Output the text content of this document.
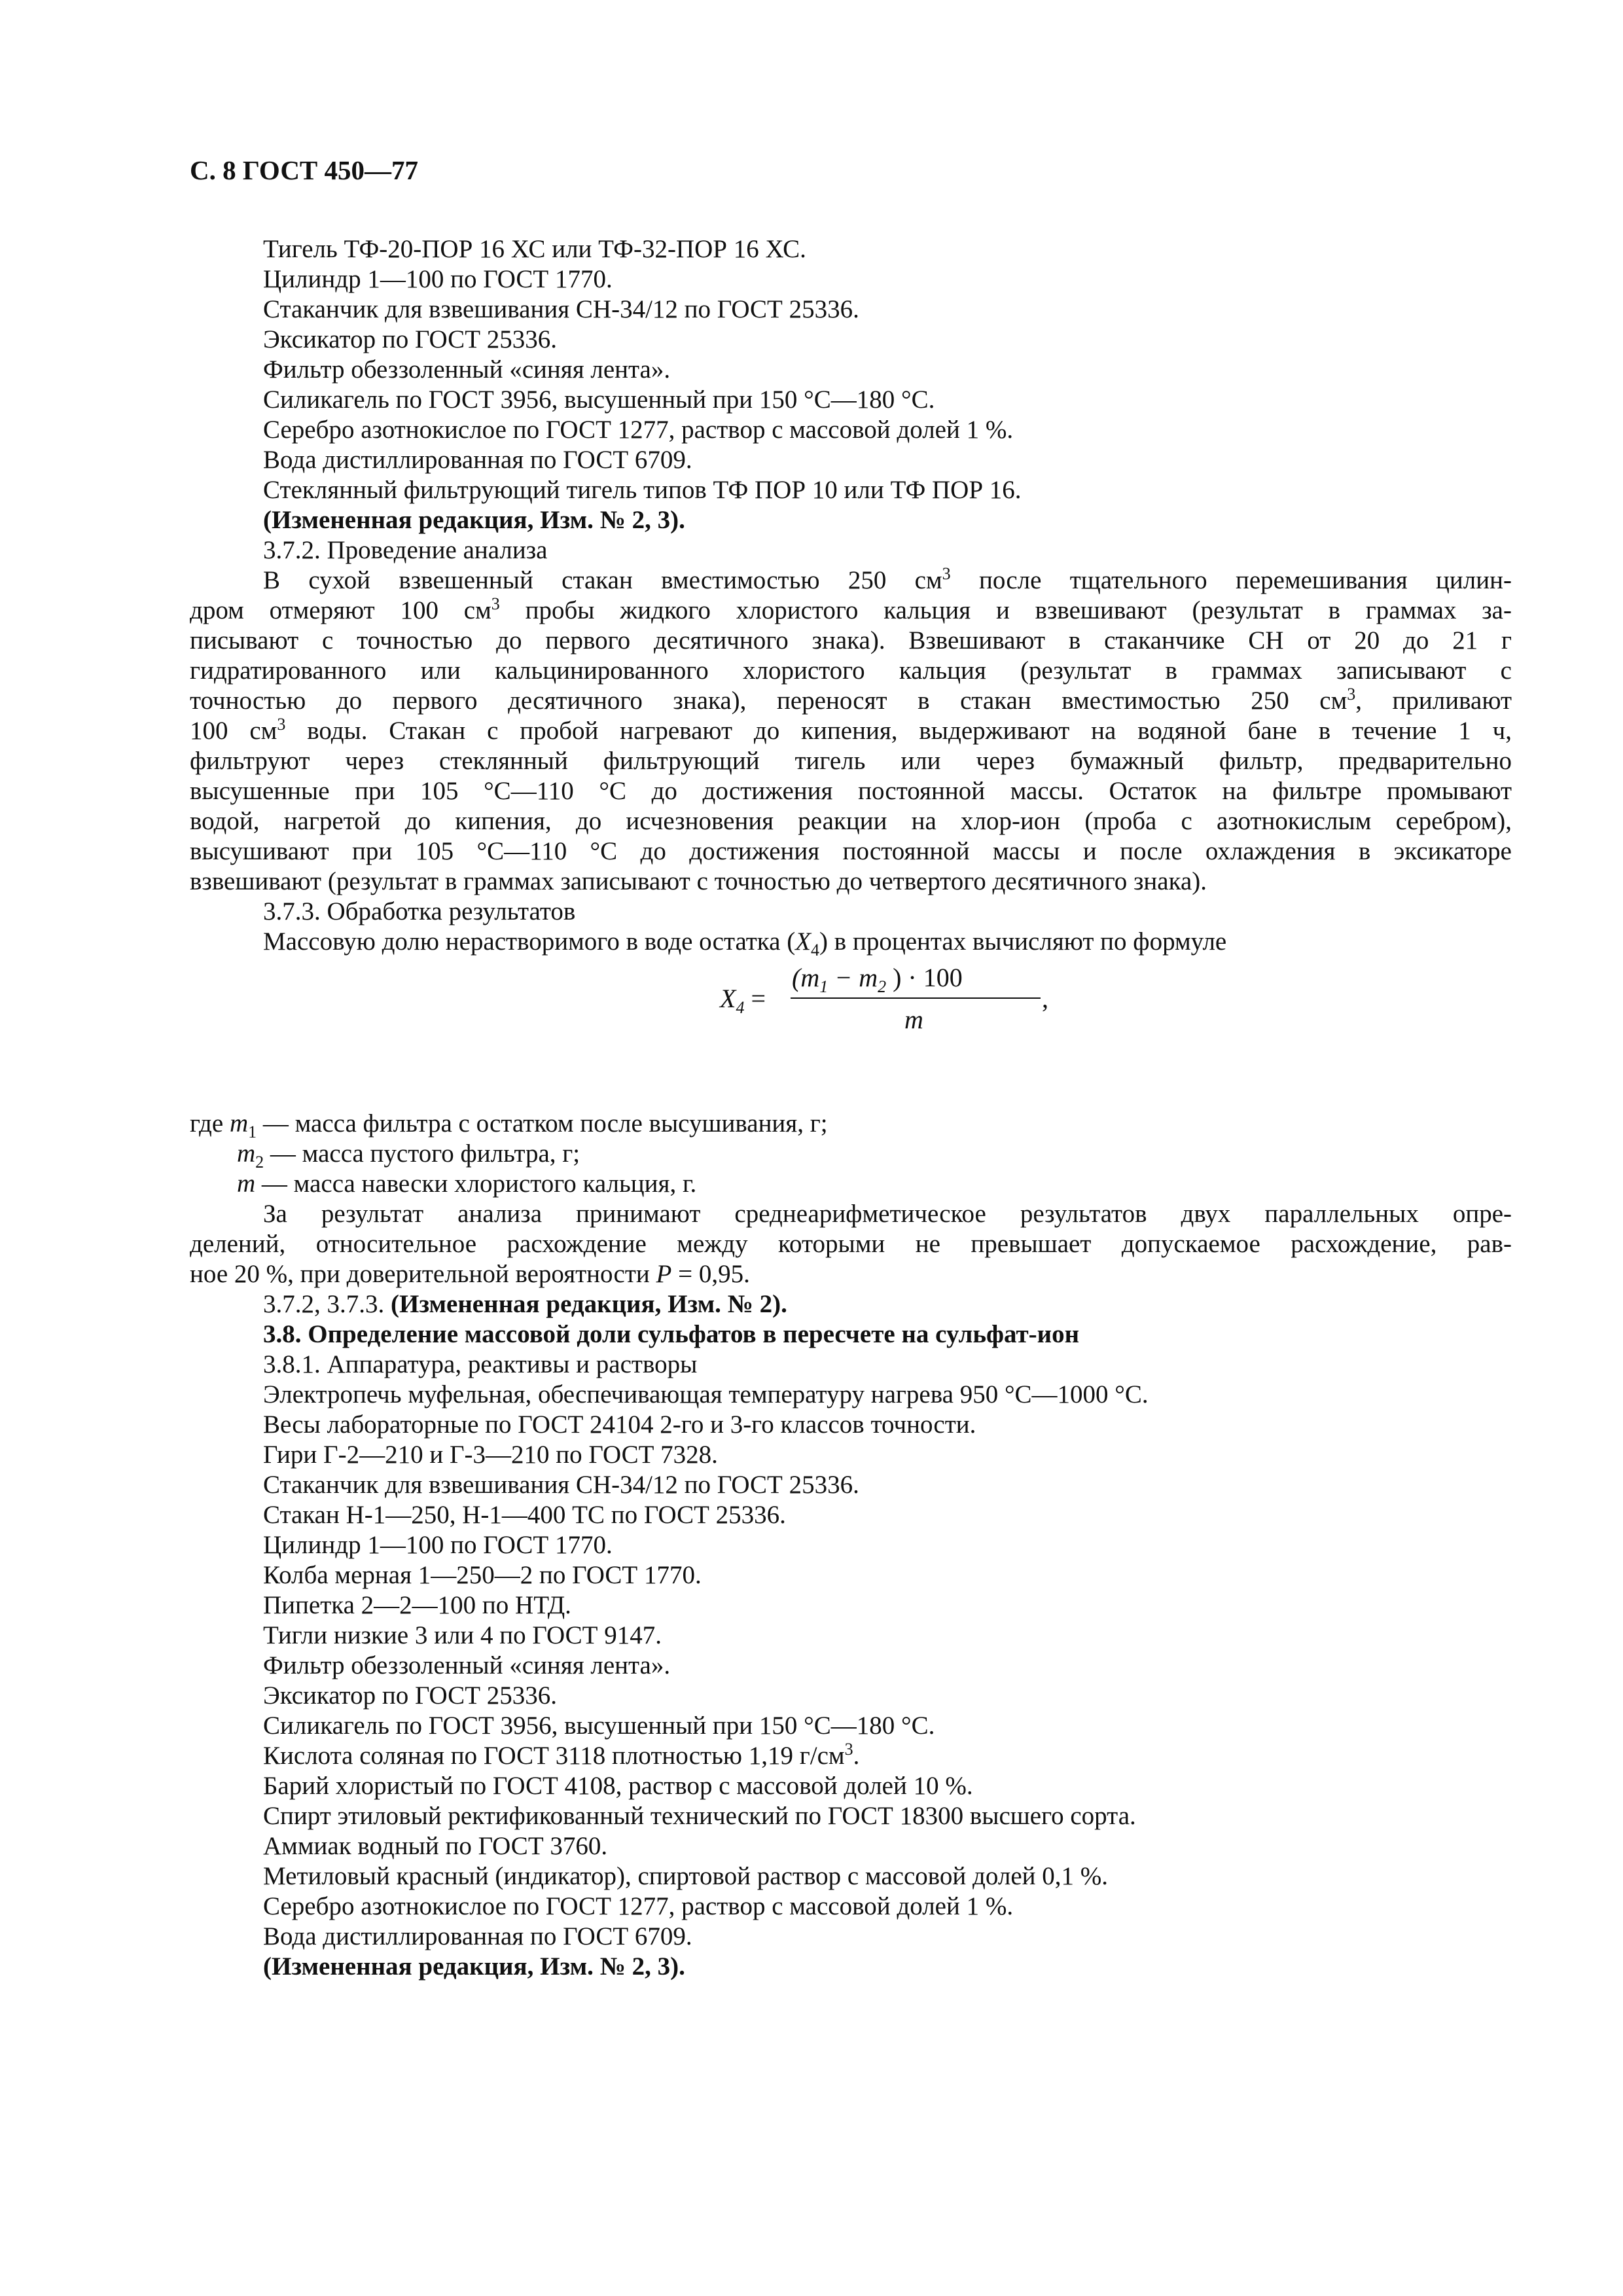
С. 8 ГОСТ 450—77
Тигель ТФ-20-ПОР 16 ХС или ТФ-32-ПОР 16 ХС.
Цилиндр 1—100 по ГОСТ 1770.
Стаканчик для взвешивания СН-34/12 по ГОСТ 25336.
Эксикатор по ГОСТ 25336.
Фильтр обеззоленный «синяя лента».
Силикагель по ГОСТ 3956, высушенный при 150 °С—180 °С.
Серебро азотнокислое по ГОСТ 1277, раствор с массовой долей 1 %.
Вода дистиллированная по ГОСТ 6709.
Стеклянный фильтрующий тигель типов ТФ ПОР 10 или ТФ ПОР 16.
(Измененная редакция, Изм. № 2, 3).
3.7.2. Проведение анализа
В сухой взвешенный стакан вместимостью 250 $см^3$ после тщательного перемешивания цилин-
дром отмеряют 100 $см^3$ пробы жидкого хлористого кальция и взвешивают (результат в граммах за-
писывают с точностью до первого десятичного знака). Взвешивают в стаканчике СН от 20 до 21 г
гидратированного или кальцинированного хлористого кальция (результат в граммах записывают с
точностью до первого десятичного знака), переносят в стакан вместимостью 250 $см^3$, приливают
100 $см^3$ воды. Стакан с пробой нагревают до кипения, выдерживают на водяной бане в течение 1 ч,
фильтруют через стеклянный фильтрующий тигель или через бумажный фильтр, предварительно
высушенные при 105 °С—110 °С до достижения постоянной массы. Остаток на фильтре промывают
водой, нагретой до кипения, до исчезновения реакции на хлор-ион (проба с азотнокислым серебром),
высушивают при 105 °С—110 °С до достижения постоянной массы и после охлаждения в эксикаторе
взвешивают (результат в граммах записывают с точностью до четвертого десятичного знака).
3.7.3. Обработка результатов
Массовую долю нерастворимого в воде остатка $(X_4)$ в процентах вычисляют по формуле
$X_4$ =
($m_1 - m_2$ ) · 100
m
,
где $m_1$ — масса фильтра с остатком после высушивания, г;
$m_2$ — масса пустого фильтра, г;
m — масса навески хлористого кальция, г.
За результат анализа принимают среднеарифметическое результатов двух параллельных опре-
делений, относительное расхождение между которыми не превышает допускаемое расхождение, рав-
ное 20 %, при доверительной вероятности P = 0,95.
3.7.2, 3.7.3. (Измененная редакция, Изм. № 2).
3.8. Определение массовой доли сульфатов в пересчете на сульфат-ион
3.8.1. Аппаратура, реактивы и растворы
Электропечь муфельная, обеспечивающая температуру нагрева 950 °С—1000 °С.
Весы лабораторные по ГОСТ 24104 2-го и 3-го классов точности.
Гири Г-2—210 и Г-3—210 по ГОСТ 7328.
Стаканчик для взвешивания СН-34/12 по ГОСТ 25336.
Стакан Н-1—250, Н-1—400 ТС по ГОСТ 25336.
Цилиндр 1—100 по ГОСТ 1770.
Колба мерная 1—250—2 по ГОСТ 1770.
Пипетка 2—2—100 по НТД.
Тигли низкие 3 или 4 по ГОСТ 9147.
Фильтр обеззоленный «синяя лента».
Эксикатор по ГОСТ 25336.
Силикагель по ГОСТ 3956, высушенный при 150 °С—180 °С.
Кислота соляная по ГОСТ 3118 плотностью 1,19 $г/см^3$.
Барий хлористый по ГОСТ 4108, раствор с массовой долей 10 %.
Спирт этиловый ректификованный технический по ГОСТ 18300 высшего сорта.
Аммиак водный по ГОСТ 3760.
Метиловый красный (индикатор), спиртовой раствор с массовой долей 0,1 %.
Серебро азотнокислое по ГОСТ 1277, раствор с массовой долей 1 %.
Вода дистиллированная по ГОСТ 6709.
(Измененная редакция, Изм. № 2, 3).
